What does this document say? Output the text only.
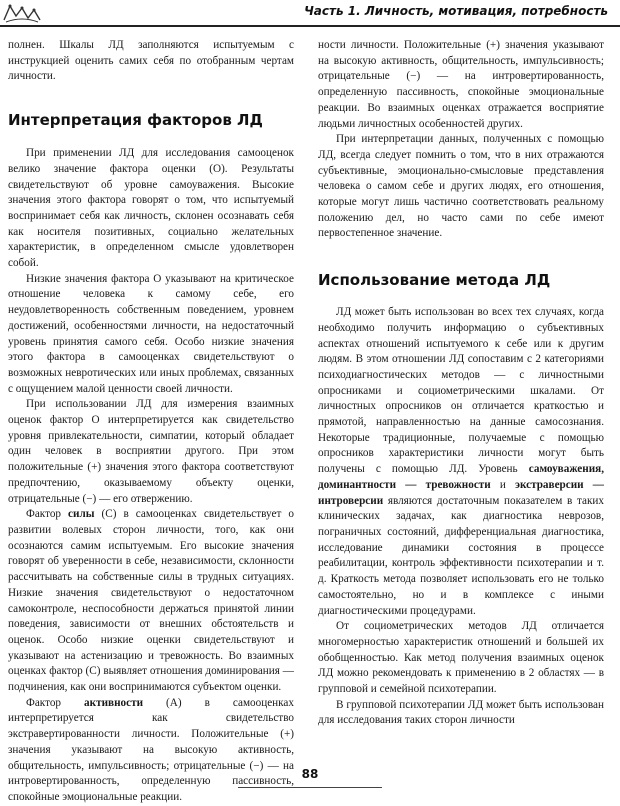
Часть 1. Личность, мотивация, потребность

полнен. Шкалы ЛД заполняются испытуемым с инструкцией оценить самих себя по отобранным чертам личности.

Интерпретация факторов ЛД

При применении ЛД для исследования самооценок велико значение фактора оценки (О). Результаты свидетельствуют об уровне самоуважения. Высокие значения этого фактора говорят о том, что испытуемый воспринимает себя как личность, склонен осознавать себя как носителя позитивных, социально желательных характеристик, в определенном смысле удовлетворен собой.

Низкие значения фактора О указывают на критическое отношение человека к самому себе, его неудовлетворенность собственным поведением, уровнем достижений, особенностями личности, на недостаточный уровень принятия самого себя. Особо низкие значения этого фактора в самооценках свидетельствуют о возможных невротических или иных проблемах, связанных с ощущением малой ценности своей личности.

При использовании ЛД для измерения взаимных оценок фактор О интерпретируется как свидетельство уровня привлекательности, симпатии, который обладает один человек в восприятии другого. При этом положительные (+) значения этого фактора соответствуют предпочтению, оказываемому объекту оценки, отрицательные (−) — его отвержению.

Фактор силы (С) в самооценках свидетельствует о развитии волевых сторон личности, того, как они осознаются самим испытуемым. Его высокие значения говорят об уверенности в себе, независимости, склонности рассчитывать на собственные силы в трудных ситуациях. Низкие значения свидетельствуют о недостаточном самоконтроле, неспособности держаться принятой линии поведения, зависимости от внешних обстоятельств и оценок. Особо низкие оценки свидетельствуют и указывают на астенизацию и тревожность. Во взаимных оценках фактор (С) выявляет отношения доминирования — подчинения, как они воспринимаются субъектом оценки.

Фактор активности (А) в самооценках интерпретируется как свидетельство экстравертированности личности. Положительные (+) значения указывают на высокую активность, общительность, импульсивность; отрицательные (−) — на интровертированность, определенную пассивность, спокойные эмоциональные реакции.

ности личности. Положительные (+) значения указывают на высокую активность, общительность, импульсивность; отрицательные (−) — на интровертированность, определенную пассивность, спокойные эмоциональные реакции. Во взаимных оценках отражается восприятие людьми личностных особенностей других.

При интерпретации данных, полученных с помощью ЛД, всегда следует помнить о том, что в них отражаются субъективные, эмоционально-смысловые представления человека о самом себе и других людях, его отношения, которые могут лишь частично соответствовать реальному положению дел, но часто сами по себе имеют первостепенное значение.

Использование метода ЛД

ЛД может быть использован во всех тех случаях, когда необходимо получить информацию о субъективных аспектах отношений испытуемого к себе или к другим людям. В этом отношении ЛД сопоставим с 2 категориями психодиагностических методов — с личностными опросниками и социометрическими шкалами. От личностных опросников он отличается краткостью и прямотой, направленностью на данные самосознания. Некоторые традиционные, получаемые с помощью опросников характеристики личности могут быть получены с помощью ЛД. Уровень самоуважения, доминантности — тревожности и экстраверсии — интроверсии являются достаточным показателем в таких клинических задачах, как диагностика неврозов, пограничных состояний, дифференциальная диагностика, исследование динамики состояния в процессе реабилитации, контроль эффективности психотерапии и т. д. Краткость метода позволяет использовать его не только самостоятельно, но и в комплексе с иными диагностическими процедурами.

От социометрических методов ЛД отличается многомерностью характеристик отношений и большей их обобщенностью. Как метод получения взаимных оценок ЛД можно рекомендовать к применению в 2 областях — в групповой и семейной психотерапии.

В групповой психотерапии ЛД может быть использован для исследования таких сторон личности

88
